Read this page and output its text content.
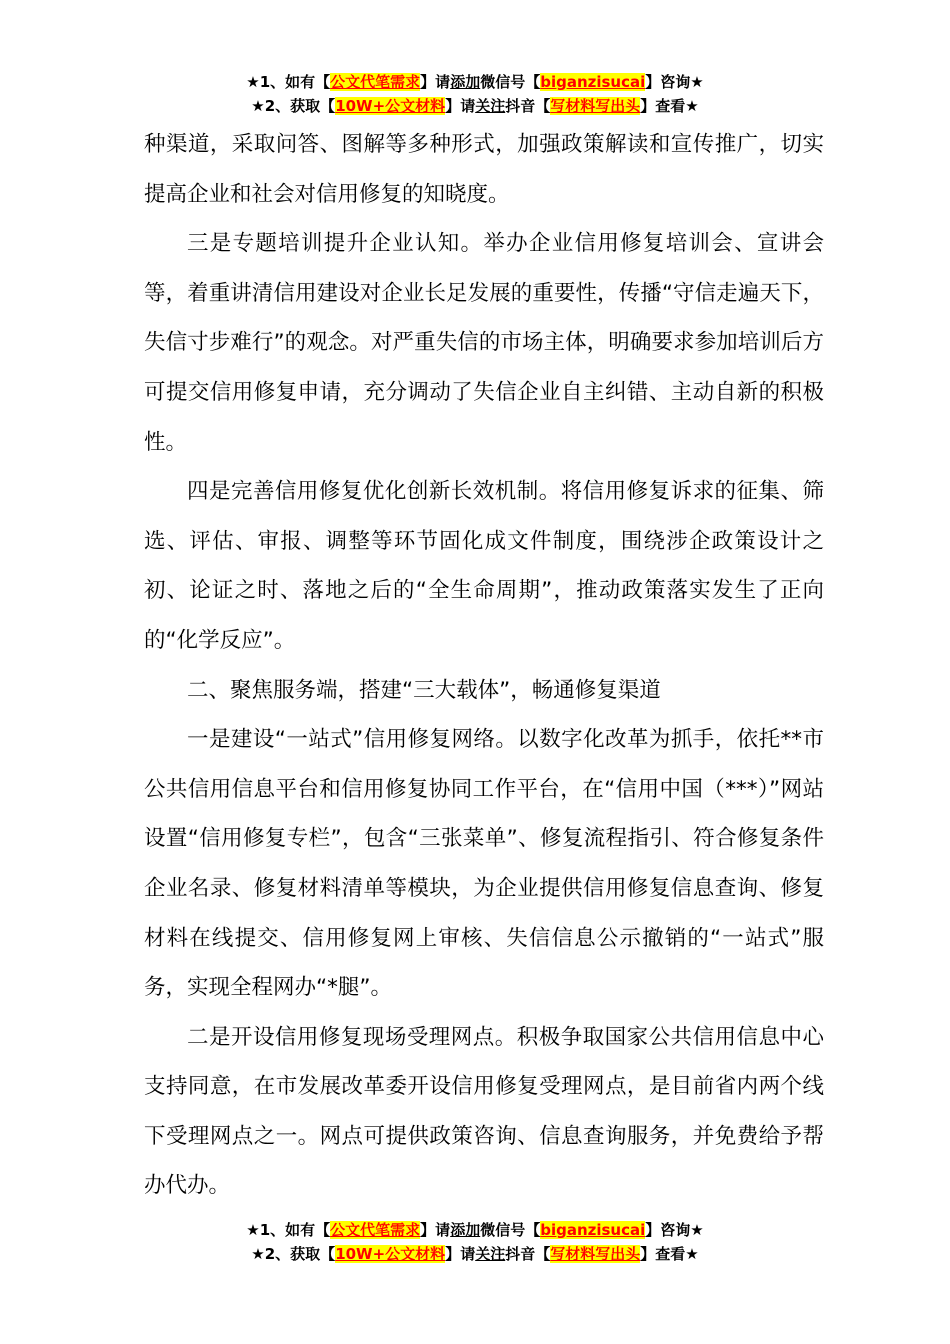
★1、如有【公文代笔需求】请添加微信号【biganzisucai】咨询★
★2、获取【10W+公文材料】请关注抖音【写材料写出头】查看★

种渠道，采取问答、图解等多种形式，加强政策解读和宣传推广，切实提高企业和社会对信用修复的知晓度。

三是专题培训提升企业认知。举办企业信用修复培训会、宣讲会等，着重讲清信用建设对企业长足发展的重要性，传播“守信走遍天下，失信寸步难行”的观念。对严重失信的市场主体，明确要求参加培训后方可提交信用修复申请，充分调动了失信企业自主纠错、主动自新的积极性。

四是完善信用修复优化创新长效机制。将信用修复诉求的征集、筛选、评估、审报、调整等环节固化成文件制度，围绕涉企政策设计之初、论证之时、落地之后的“全生命周期”，推动政策落实发生了正向的“化学反应”。

二、聚焦服务端，搭建“三大载体”，畅通修复渠道

一是建设“一站式”信用修复网络。以数字化改革为抓手，依托**市公共信用信息平台和信用修复协同工作平台，在“信用中国（***）”网站设置“信用修复专栏”，包含“三张菜单”、修复流程指引、符合修复条件企业名录、修复材料清单等模块，为企业提供信用修复信息查询、修复材料在线提交、信用修复网上审核、失信信息公示撤销的“一站式”服务，实现全程网办“*腿”。

二是开设信用修复现场受理网点。积极争取国家公共信用信息中心支持同意，在市发展改革委开设信用修复受理网点，是目前省内两个线下受理网点之一。网点可提供政策咨询、信息查询服务，并免费给予帮办代办。

★1、如有【公文代笔需求】请添加微信号【biganzisucai】咨询★
★2、获取【10W+公文材料】请关注抖音【写材料写出头】查看★
